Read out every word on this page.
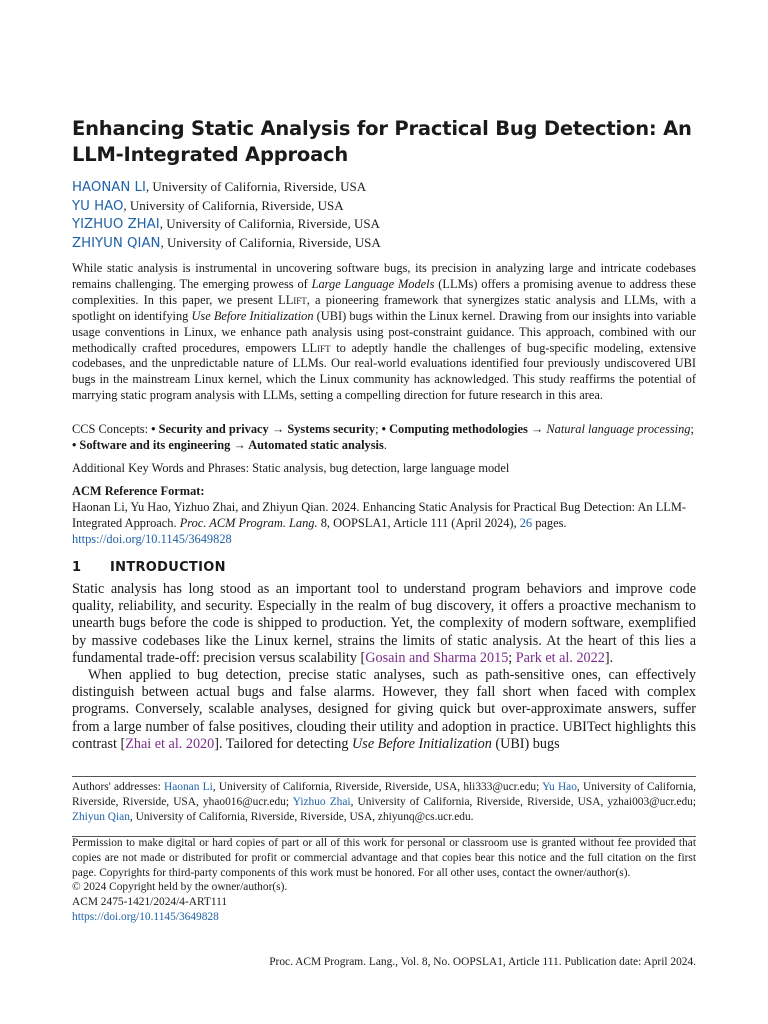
Enhancing Static Analysis for Practical Bug Detection: An LLM-Integrated Approach
HAONAN LI, University of California, Riverside, USA
YU HAO, University of California, Riverside, USA
YIZHUO ZHAI, University of California, Riverside, USA
ZHIYUN QIAN, University of California, Riverside, USA
While static analysis is instrumental in uncovering software bugs, its precision in analyzing large and intricate codebases remains challenging. The emerging prowess of Large Language Models (LLMs) offers a promising avenue to address these complexities. In this paper, we present LLift, a pioneering framework that synergizes static analysis and LLMs, with a spotlight on identifying Use Before Initialization (UBI) bugs within the Linux kernel. Drawing from our insights into variable usage conventions in Linux, we enhance path analysis using post-constraint guidance. This approach, combined with our methodically crafted procedures, empowers LLift to adeptly handle the challenges of bug-specific modeling, extensive codebases, and the unpredictable nature of LLMs. Our real-world evaluations identified four previously undiscovered UBI bugs in the mainstream Linux kernel, which the Linux community has acknowledged. This study reaffirms the potential of marrying static program analysis with LLMs, setting a compelling direction for future research in this area.
CCS Concepts: • Security and privacy → Systems security; • Computing methodologies → Natural language processing; • Software and its engineering → Automated static analysis.
Additional Key Words and Phrases: Static analysis, bug detection, large language model
ACM Reference Format:
Haonan Li, Yu Hao, Yizhuo Zhai, and Zhiyun Qian. 2024. Enhancing Static Analysis for Practical Bug Detection: An LLM-Integrated Approach. Proc. ACM Program. Lang. 8, OOPSLA1, Article 111 (April 2024), 26 pages.
https://doi.org/10.1145/3649828
1 INTRODUCTION

Static analysis has long stood as an important tool to understand program behaviors and improve code quality, reliability, and security. Especially in the realm of bug discovery, it offers a proactive mechanism to unearth bugs before the code is shipped to production. Yet, the complexity of modern software, exemplified by massive codebases like the Linux kernel, strains the limits of static analysis. At the heart of this lies a fundamental trade-off: precision versus scalability [Gosain and Sharma 2015; Park et al. 2022].

When applied to bug detection, precise static analyses, such as path-sensitive ones, can effectively distinguish between actual bugs and false alarms. However, they fall short when faced with complex programs. Conversely, scalable analyses, designed for giving quick but over-approximate answers, suffer from a large number of false positives, clouding their utility and adoption in practice. UBITect highlights this contrast [Zhai et al. 2020]. Tailored for detecting Use Before Initialization (UBI) bugs

Authors' addresses: Haonan Li, University of California, Riverside, Riverside, USA, hli333@ucr.edu; Yu Hao, University of California, Riverside, Riverside, USA, yhao016@ucr.edu; Yizhuo Zhai, University of California, Riverside, Riverside, USA, yzhai003@ucr.edu; Zhiyun Qian, University of California, Riverside, Riverside, USA, zhiyunq@cs.ucr.edu.
Permission to make digital or hard copies of part or all of this work for personal or classroom use is granted without fee provided that copies are not made or distributed for profit or commercial advantage and that copies bear this notice and the full citation on the first page. Copyrights for third-party components of this work must be honored. For all other uses, contact the owner/author(s).
© 2024 Copyright held by the owner/author(s).
ACM 2475-1421/2024/4-ART111
https://doi.org/10.1145/3649828
Proc. ACM Program. Lang., Vol. 8, No. OOPSLA1, Article 111. Publication date: April 2024.
